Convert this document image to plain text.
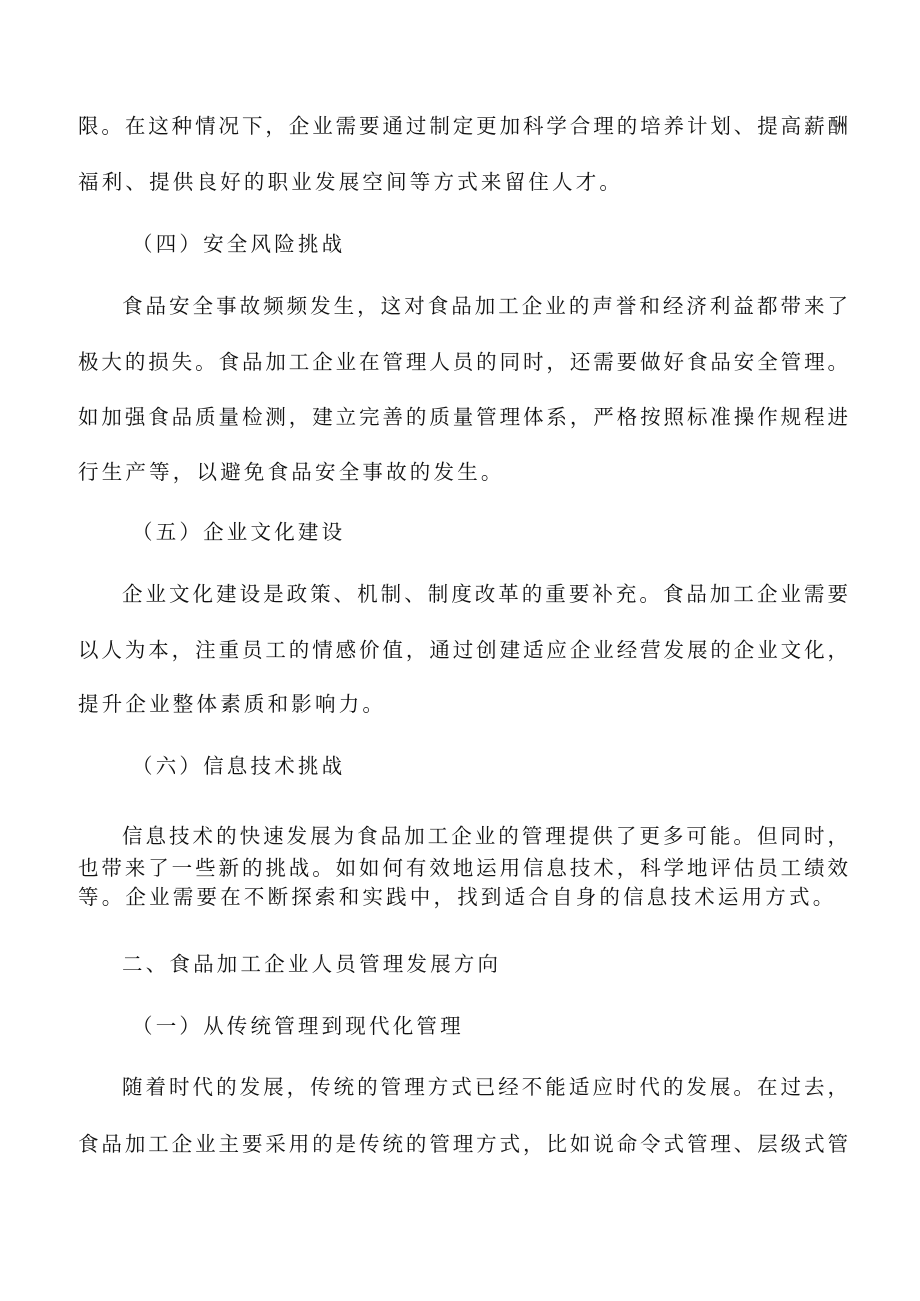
限。在这种情况下，企业需要通过制定更加科学合理的培养计划、提高薪酬
福利、提供良好的职业发展空间等方式来留住人才。
（四）安全风险挑战
食品安全事故频频发生，这对食品加工企业的声誉和经济利益都带来了
极大的损失。食品加工企业在管理人员的同时，还需要做好食品安全管理。
如加强食品质量检测，建立完善的质量管理体系，严格按照标准操作规程进
行生产等，以避免食品安全事故的发生。
（五）企业文化建设
企业文化建设是政策、机制、制度改革的重要补充。食品加工企业需要
以人为本，注重员工的情感价值，通过创建适应企业经营发展的企业文化，
提升企业整体素质和影响力。
（六）信息技术挑战
信息技术的快速发展为食品加工企业的管理提供了更多可能。但同时，
也带来了一些新的挑战。如如何有效地运用信息技术，科学地评估员工绩效
等。企业需要在不断探索和实践中，找到适合自身的信息技术运用方式。
二、食品加工企业人员管理发展方向
（一）从传统管理到现代化管理
随着时代的发展，传统的管理方式已经不能适应时代的发展。在过去，
食品加工企业主要采用的是传统的管理方式，比如说命令式管理、层级式管
